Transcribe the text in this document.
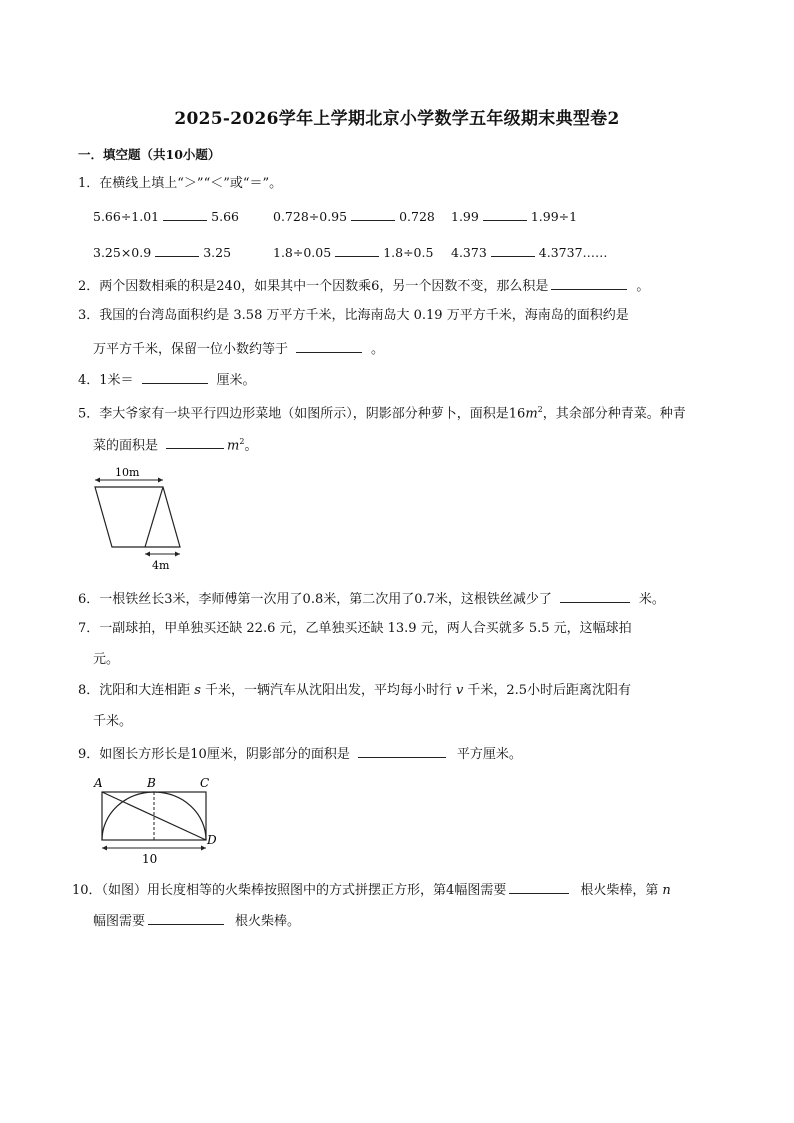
2025-2026学年上学期北京小学数学五年级期末典型卷2
一．填空题（共10小题）
1．在横线上填上“＞”“＜”或“＝”。
5.66÷1.01	5.66	0.728÷0.95	0.728 1.99	1.99÷1
3.25×0.9	3.25	1.8÷0.05	1.8÷0.5 4.373	4.3737……
2．两个因数相乘的积是240，如果其中一个因数乘6，另一个因数不变，那么积是	。
3．我国的台湾岛面积约是 3.58 万平方千米，比海南岛大 0.19 万平方千米，海南岛的面积约是
万平方千米，保留一位小数约等于	。
4．1米＝	厘米。
5．李大爷家有一块平行四边形菜地（如图所示），阴影部分种萝卜，面积是$16m^2$，其余部分种青菜。种青
菜的面积是	$m^2$。
10m
4m
6．一根铁丝长3米，李师傅第一次用了0.8米，第二次用了0.7米，这根铁丝减少了	米。
7．一副球拍，甲单独买还缺 22.6 元，乙单独买还缺 13.9 元，两人合买就多 5.5 元，这幅球拍
元。
8．沈阳和大连相距 s 千米，一辆汽车从沈阳出发，平均每小时行 v 千米，2.5小时后距离沈阳有
千米。
9．如图长方形长是10厘米，阴影部分的面积是	平方厘米。
A	B	C
D
10
10．（如图）用长度相等的火柴棒按照图中的方式拼摆正方形，第4幅图需要	根火柴棒，第 n
幅图需要	根火柴棒。
